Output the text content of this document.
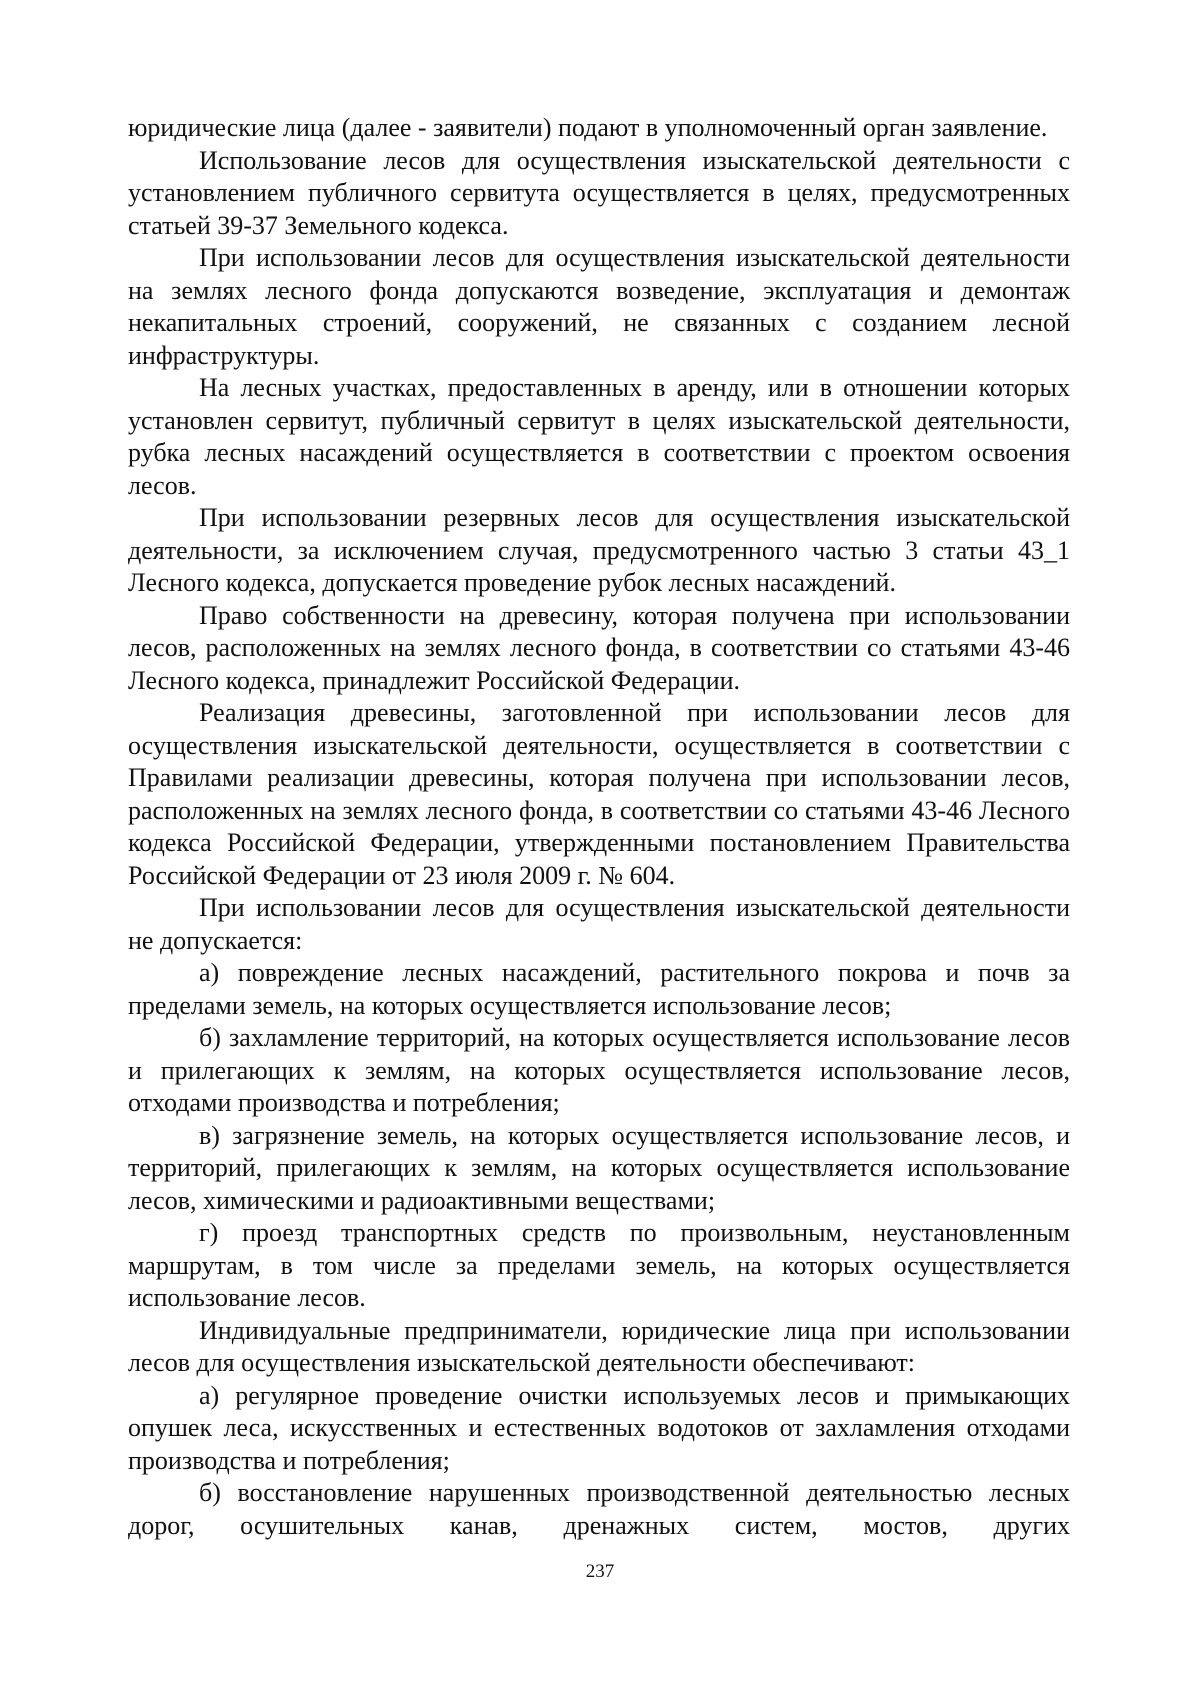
юридические лица (далее - заявители) подают в уполномоченный орган заявление.

Использование лесов для осуществления изыскательской деятельности с установлением публичного сервитута осуществляется в целях, предусмотренных статьей 39-37 Земельного кодекса.

При использовании лесов для осуществления изыскательской деятельности на землях лесного фонда допускаются возведение, эксплуатация и демонтаж некапитальных строений, сооружений, не связанных с созданием лесной инфраструктуры.

На лесных участках, предоставленных в аренду, или в отношении которых установлен сервитут, публичный сервитут в целях изыскательской деятельности, рубка лесных насаждений осуществляется в соответствии с проектом освоения лесов.

При использовании резервных лесов для осуществления изыскательской деятельности, за исключением случая, предусмотренного частью 3 статьи 43_1 Лесного кодекса, допускается проведение рубок лесных насаждений.

Право собственности на древесину, которая получена при использовании лесов, расположенных на землях лесного фонда, в соответствии со статьями 43-46 Лесного кодекса, принадлежит Российской Федерации.

Реализация древесины, заготовленной при использовании лесов для осуществления изыскательской деятельности, осуществляется в соответствии с Правилами реализации древесины, которая получена при использовании лесов, расположенных на землях лесного фонда, в соответствии со статьями 43-46 Лесного кодекса Российской Федерации, утвержденными постановлением Правительства Российской Федерации от 23 июля 2009 г. № 604.

При использовании лесов для осуществления изыскательской деятельности не допускается:

а) повреждение лесных насаждений, растительного покрова и почв за пределами земель, на которых осуществляется использование лесов;

б) захламление территорий, на которых осуществляется использование лесов и прилегающих к землям, на которых осуществляется использование лесов, отходами производства и потребления;

в) загрязнение земель, на которых осуществляется использование лесов, и территорий, прилегающих к землям, на которых осуществляется использование лесов, химическими и радиоактивными веществами;

г) проезд транспортных средств по произвольным, неустановленным маршрутам, в том числе за пределами земель, на которых осуществляется использование лесов.

Индивидуальные предприниматели, юридические лица при использовании лесов для осуществления изыскательской деятельности обеспечивают:

а) регулярное проведение очистки используемых лесов и примыкающих опушек леса, искусственных и естественных водотоков от захламления отходами производства и потребления;

б) восстановление нарушенных производственной деятельностью лесных дорог, осушительных канав, дренажных систем, мостов, других

237
